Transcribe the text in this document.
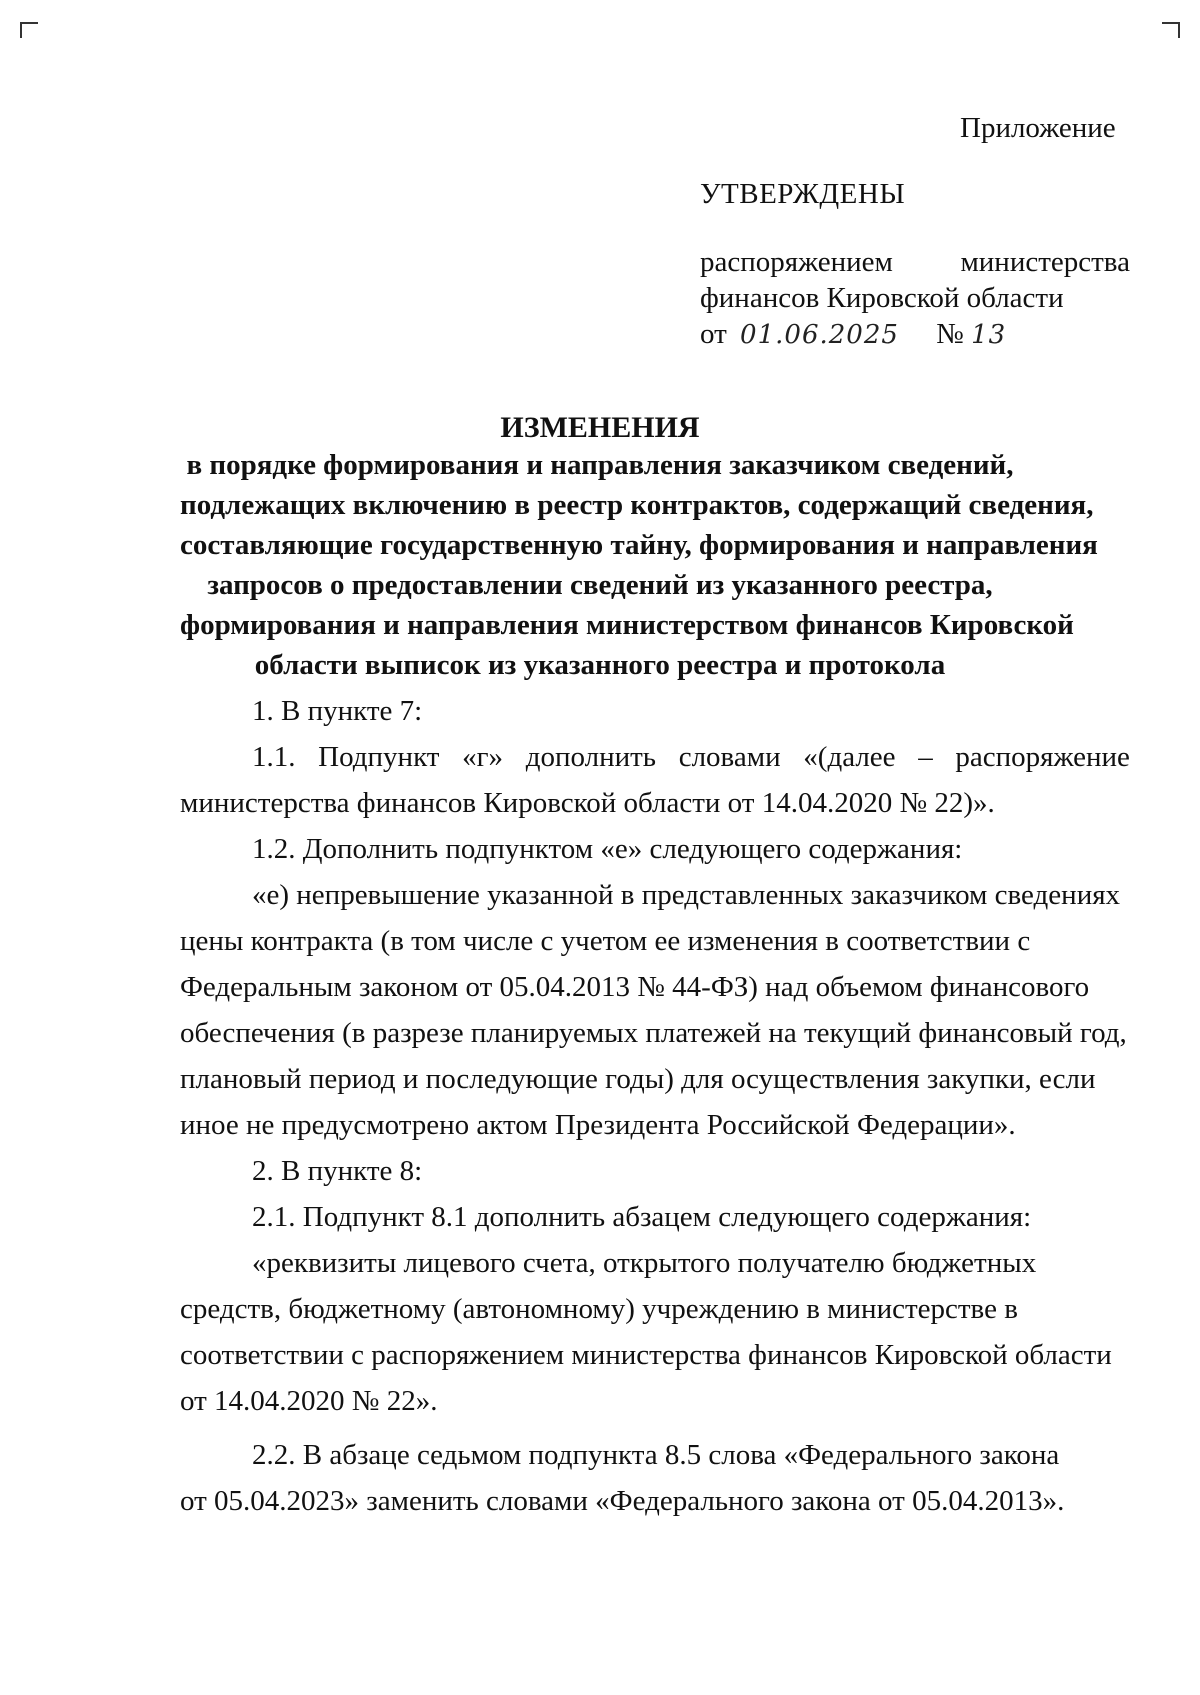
Приложение
УТВЕРЖДЕНЫ
распоряжением министерства
финансов Кировской области
от 01.06.2025 № 13
ИЗМЕНЕНИЯ
в порядке формирования и направления заказчиком сведений,
подлежащих включению в реестр контрактов, содержащий сведения,
составляющие государственную тайну, формирования и направления
запросов о предоставлении сведений из указанного реестра,
формирования и направления министерством финансов Кировской
области выписок из указанного реестра и протокола
1. В пункте 7:
1.1. Подпункт «г» дополнить словами «(далее – распоряжение
министерства финансов Кировской области от 14.04.2020 № 22)».
1.2. Дополнить подпунктом «е» следующего содержания:
«е) непревышение указанной в представленных заказчиком сведениях
цены контракта (в том числе с учетом ее изменения в соответствии с
Федеральным законом от 05.04.2013 № 44-ФЗ) над объемом финансового
обеспечения (в разрезе планируемых платежей на текущий финансовый год,
плановый период и последующие годы) для осуществления закупки, если
иное не предусмотрено актом Президента Российской Федерации».
2. В пункте 8:
2.1. Подпункт 8.1 дополнить абзацем следующего содержания:
«реквизиты лицевого счета, открытого получателю бюджетных
средств, бюджетному (автономному) учреждению в министерстве в
соответствии с распоряжением министерства финансов Кировской области
от 14.04.2020 № 22».
2.2. В абзаце седьмом подпункта 8.5 слова «Федерального закона
от 05.04.2023» заменить словами «Федерального закона от 05.04.2013».
